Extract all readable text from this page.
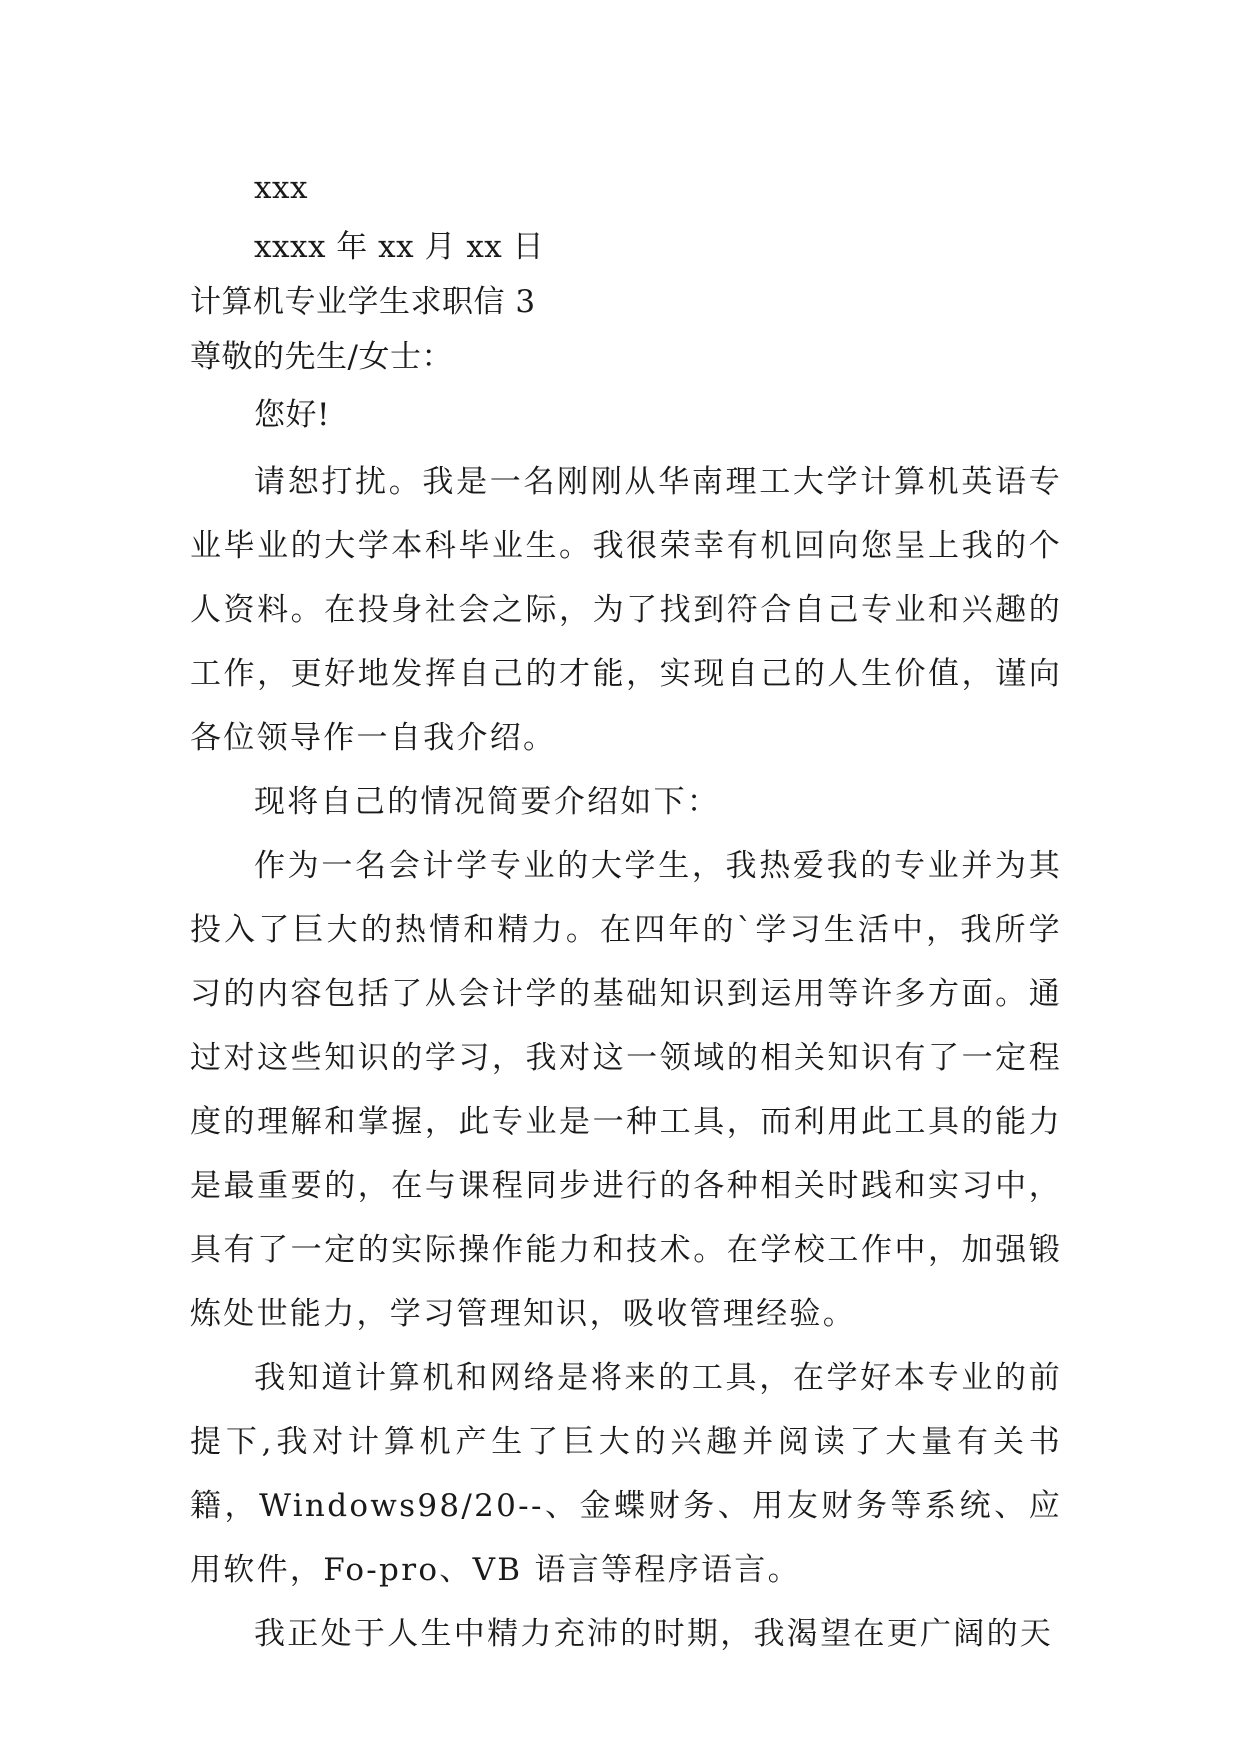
xxx
xxxx 年 xx 月 xx 日
计算机专业学生求职信 3
尊敬的先生/女士：
您好!

请恕打扰。我是一名刚刚从华南理工大学计算机英语专业毕业的大学本科毕业生。我很荣幸有机回向您呈上我的个人资料。在投身社会之际，为了找到符合自己专业和兴趣的工作，更好地发挥自己的才能，实现自己的人生价值，谨向各位领导作一自我介绍。

现将自己的情况简要介绍如下：

作为一名会计学专业的大学生，我热爱我的专业并为其投入了巨大的热情和精力。在四年的`学习生活中，我所学习的内容包括了从会计学的基础知识到运用等许多方面。通过对这些知识的学习，我对这一领域的相关知识有了一定程度的理解和掌握，此专业是一种工具，而利用此工具的能力是最重要的，在与课程同步进行的各种相关时践和实习中，具有了一定的实际操作能力和技术。在学校工作中，加强锻炼处世能力，学习管理知识，吸收管理经验。

我知道计算机和网络是将来的工具，在学好本专业的前提下,我对计算机产生了巨大的兴趣并阅读了大量有关书籍，Windows98/20--、金蝶财务、用友财务等系统、应用软件，Fo-pro、VB 语言等程序语言。

我正处于人生中精力充沛的时期，我渴望在更广阔的天
